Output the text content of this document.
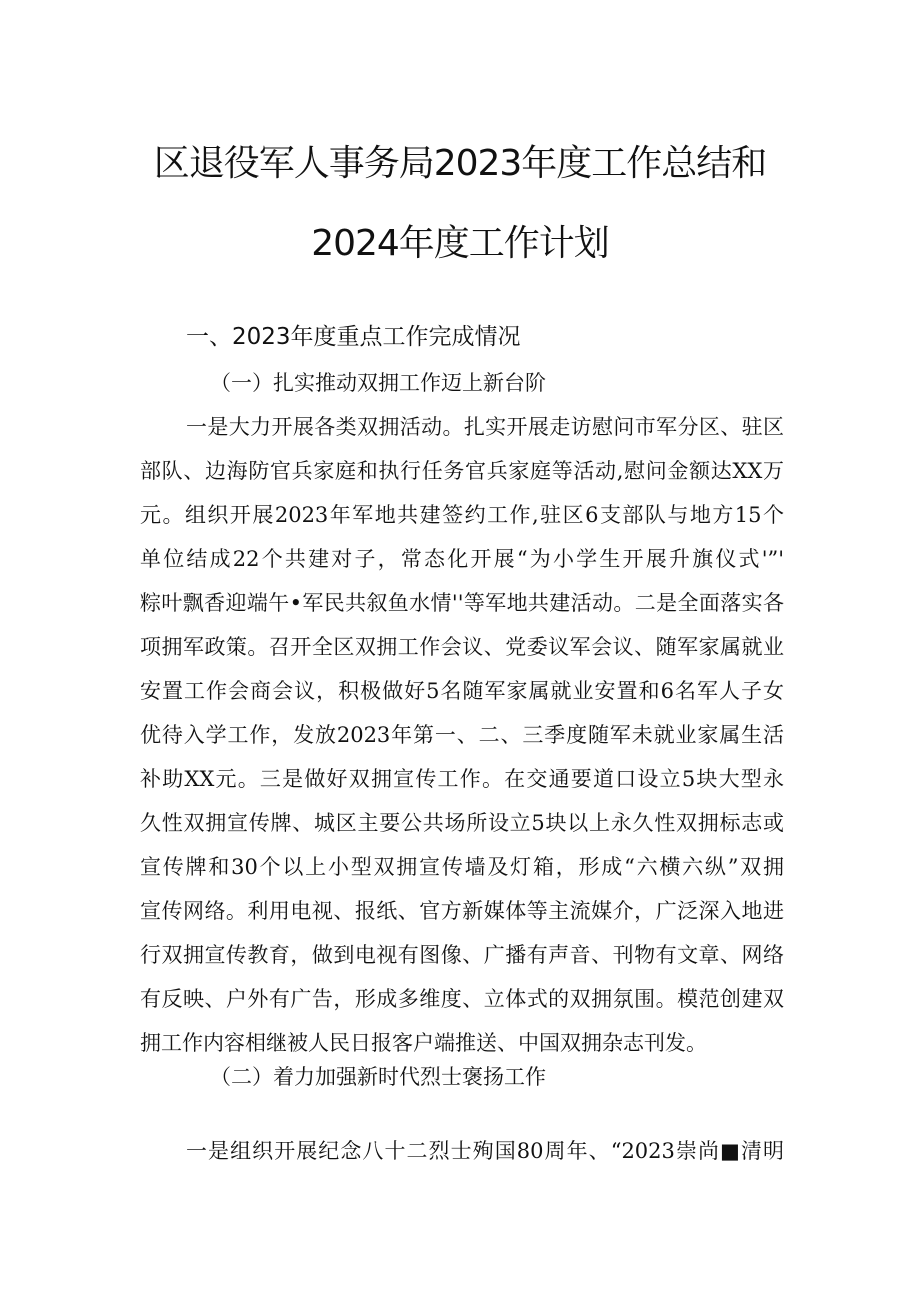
区退役军人事务局2023年度工作总结和
2024年度工作计划
一、2023年度重点工作完成情况
（一）扎实推动双拥工作迈上新台阶
一是大力开展各类双拥活动。扎实开展走访慰问市军分区、驻区
部队、边海防官兵家庭和执行任务官兵家庭等活动,慰问金额达XX万
元。组织开展2023年军地共建签约工作,驻区6支部队与地方15个
单位结成22个共建对子，常态化开展“为小学生开展升旗仪式'”'
粽叶飘香迎端午•军民共叙鱼水情''等军地共建活动。二是全面落实各
项拥军政策。召开全区双拥工作会议、党委议军会议、随军家属就业
安置工作会商会议，积极做好5名随军家属就业安置和6名军人子女
优待入学工作，发放2023年第一、二、三季度随军未就业家属生活
补助XX元。三是做好双拥宣传工作。在交通要道口设立5块大型永
久性双拥宣传牌、城区主要公共场所设立5块以上永久性双拥标志或
宣传牌和30个以上小型双拥宣传墙及灯箱，形成“六横六纵”双拥
宣传网络。利用电视、报纸、官方新媒体等主流媒介，广泛深入地进
行双拥宣传教育，做到电视有图像、广播有声音、刊物有文章、网络
有反映、户外有广告，形成多维度、立体式的双拥氛围。模范创建双
拥工作内容相继被人民日报客户端推送、中国双拥杂志刊发。
（二）着力加强新时代烈士褒扬工作
一是组织开展纪念八十二烈士殉国80周年、“2023崇尚■清明
